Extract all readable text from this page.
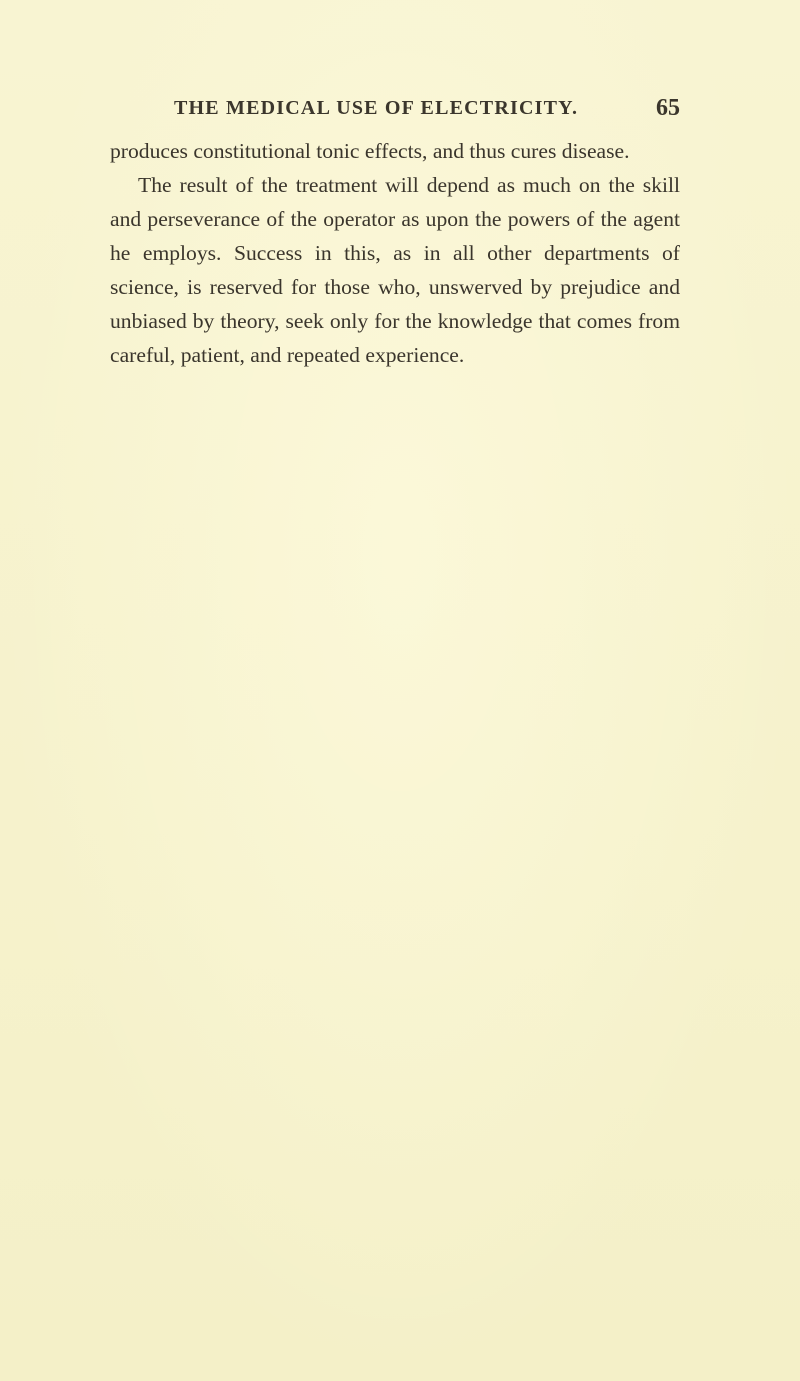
THE MEDICAL USE OF ELECTRICITY.	65

produces constitutional tonic effects, and thus cures disease.

The result of the treatment will depend as much on the skill and perseverance of the operator as upon the powers of the agent he employs. Success in this, as in all other departments of science, is reserved for those who, unswerved by prejudice and unbiased by theory, seek only for the knowledge that comes from careful, patient, and repeated experience.
